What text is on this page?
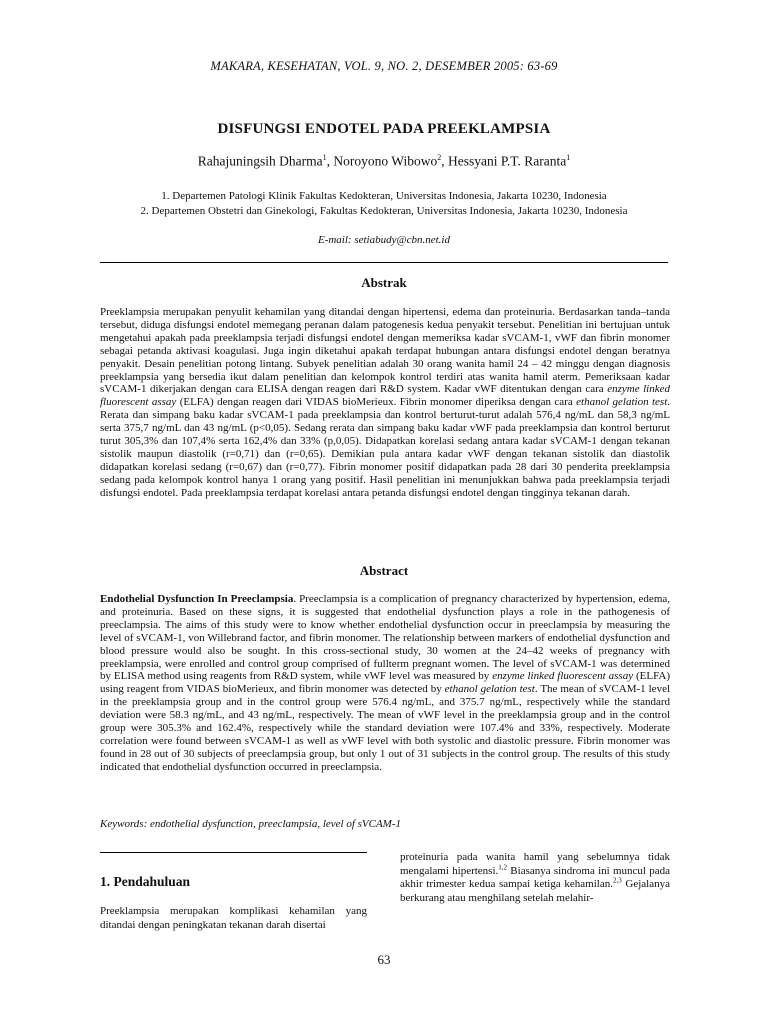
MAKARA, KESEHATAN, VOL. 9, NO. 2, DESEMBER 2005: 63-69
DISFUNGSI ENDOTEL PADA PREEKLAMPSIA
Rahajuningsih Dharma$^1$, Noroyono Wibowo$^2$, Hessyani P.T. Raranta$^1$
1. Departemen Patologi Klinik Fakultas Kedokteran, Universitas Indonesia, Jakarta 10230, Indonesia
2. Departemen Obstetri dan Ginekologi, Fakultas Kedokteran, Universitas Indonesia, Jakarta 10230, Indonesia
E-mail: setiabudy@cbn.net.id
Abstrak

Preeklampsia merupakan penyulit kehamilan yang ditandai dengan hipertensi, edema dan proteinuria. Berdasarkan tanda–tanda tersebut, diduga disfungsi endotel memegang peranan dalam patogenesis kedua penyakit tersebut. Penelitian ini bertujuan untuk mengetahui apakah pada preeklampsia terjadi disfungsi endotel dengan memeriksa kadar sVCAM-1, vWF dan fibrin monomer sebagai petanda aktivasi koagulasi. Juga ingin diketahui apakah terdapat hubungan antara disfungsi endotel dengan beratnya penyakit. Desain penelitian potong lintang. Subyek penelitian adalah 30 orang wanita hamil 24 – 42 minggu dengan diagnosis preeklampsia yang bersedia ikut dalam penelitian dan kelompok kontrol terdiri atas wanita hamil aterm. Pemeriksaan kadar sVCAM-1 dikerjakan dengan cara ELISA dengan reagen dari R&D system. Kadar vWF ditentukan dengan cara enzyme linked fluorescent assay (ELFA) dengan reagen dari VIDAS bioMerieux. Fibrin monomer diperiksa dengan cara ethanol gelation test. Rerata dan simpang baku kadar sVCAM-1 pada preeklampsia dan kontrol berturut-turut adalah 576,4 ng/mL dan 58,3 ng/mL serta 375,7 ng/mL dan 43 ng/mL (p<0,05). Sedang rerata dan simpang baku kadar vWF pada preeklampsia dan kontrol berturut turut 305,3% dan 107,4% serta 162,4% dan 33% (p,0,05). Didapatkan korelasi sedang antara kadar sVCAM-1 dengan tekanan sistolik maupun diastolik (r=0,71) dan (r=0,65). Demikian pula antara kadar vWF dengan tekanan sistolik dan diastolik didapatkan korelasi sedang (r=0,67) dan (r=0,77). Fibrin monomer positif didapatkan pada 28 dari 30 penderita preeklampsia sedang pada kelompok kontrol hanya 1 orang yang positif. Hasil penelitian ini menunjukkan bahwa pada preeklampsia terjadi disfungsi endotel. Pada preeklampsia terdapat korelasi antara petanda disfungsi endotel dengan tingginya tekanan darah.

Abstract

Endothelial Dysfunction In Preeclampsia. Preeclampsia is a complication of pregnancy characterized by hypertension, edema, and proteinuria. Based on these signs, it is suggested that endothelial dysfunction plays a role in the pathogenesis of preeclampsia. The aims of this study were to know whether endothelial dysfunction occur in preeclampsia by measuring the level of sVCAM-1, von Willebrand factor, and fibrin monomer. The relationship between markers of endothelial dysfunction and blood pressure would also be sought. In this cross-sectional study, 30 women at the 24–42 weeks of pregnancy with preeklampsia, were enrolled and control group comprised of fullterm pregnant women. The level of sVCAM-1 was determined by ELISA method using reagents from R&D system, while vWF level was measured by enzyme linked fluorescent assay (ELFA) using reagent from VIDAS bioMerieux, and fibrin monomer was detected by ethanol gelation test. The mean of sVCAM-1 level in the preeklampsia group and in the control group were 576.4 ng/mL, and 375.7 ng/mL, respectively while the standard deviation were 58.3 ng/mL, and 43 ng/mL, respectively. The mean of vWF level in the preeklampsia group and in the control group were 305.3% and 162.4%, respectively while the standard deviation were 107.4% and 33%, respectively. Moderate correlation were found between sVCAM-1 as well as vWF level with both systolic and diastolic pressure. Fibrin monomer was found in 28 out of 30 subjects of preeclampsia group, but only 1 out of 31 subjects in the control group. The results of this study indicated that endothelial dysfunction occurred in preeclampsia.

Keywords: endothelial dysfunction, preeclampsia, level of sVCAM-1
1. Pendahuluan

Preeklampsia merupakan komplikasi kehamilan yang ditandai dengan peningkatan tekanan darah disertai

proteinuria pada wanita hamil yang sebelumnya tidak mengalami hipertensi.$^{1,2}$ Biasanya sindroma ini muncul pada akhir trimester kedua sampai ketiga kehamilan.$^{2,3}$ Gejalanya berkurang atau menghilang setelah melahir-

63
